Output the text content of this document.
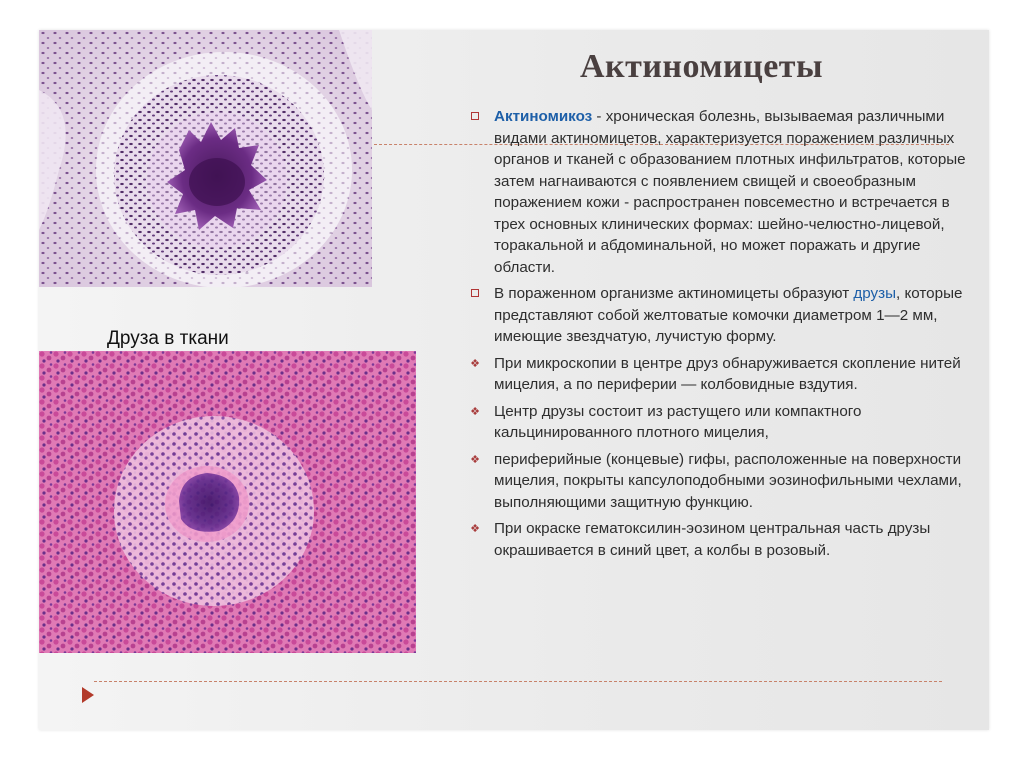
Друза в ткани
Актиномицеты
Актиномикоз - хроническая болезнь, вызываемая различными видами актиномицетов, характеризуется поражением различных органов и тканей с образованием плотных инфильтратов, которые затем нагнаиваются с появлением свищей и своеобразным поражением кожи - распространен повсеместно и встречается в трех основных клинических формах: шейно-челюстно-лицевой, торакальной и абдоминальной, но может поражать и другие области.
В пораженном организме актиномицеты образуют друзы, которые представляют собой желтоватые комочки диаметром 1—2 мм, имеющие звездчатую, лучистую форму.
❖ При микроскопии в центре друз обнаруживается скопление нитей мицелия, а по периферии — колбовидные вздутия.
❖ Центр друзы состоит из растущего или компактного кальцинированного плотного мицелия,
❖ периферийные (концевые) гифы, расположенные на поверхности мицелия, покрыты капсулоподобными эозинофильными чехлами, выполняющими защитную функцию.
❖ При окраске гематоксилин-эозином центральная часть друзы окрашивается в синий цвет, а колбы в розовый.
